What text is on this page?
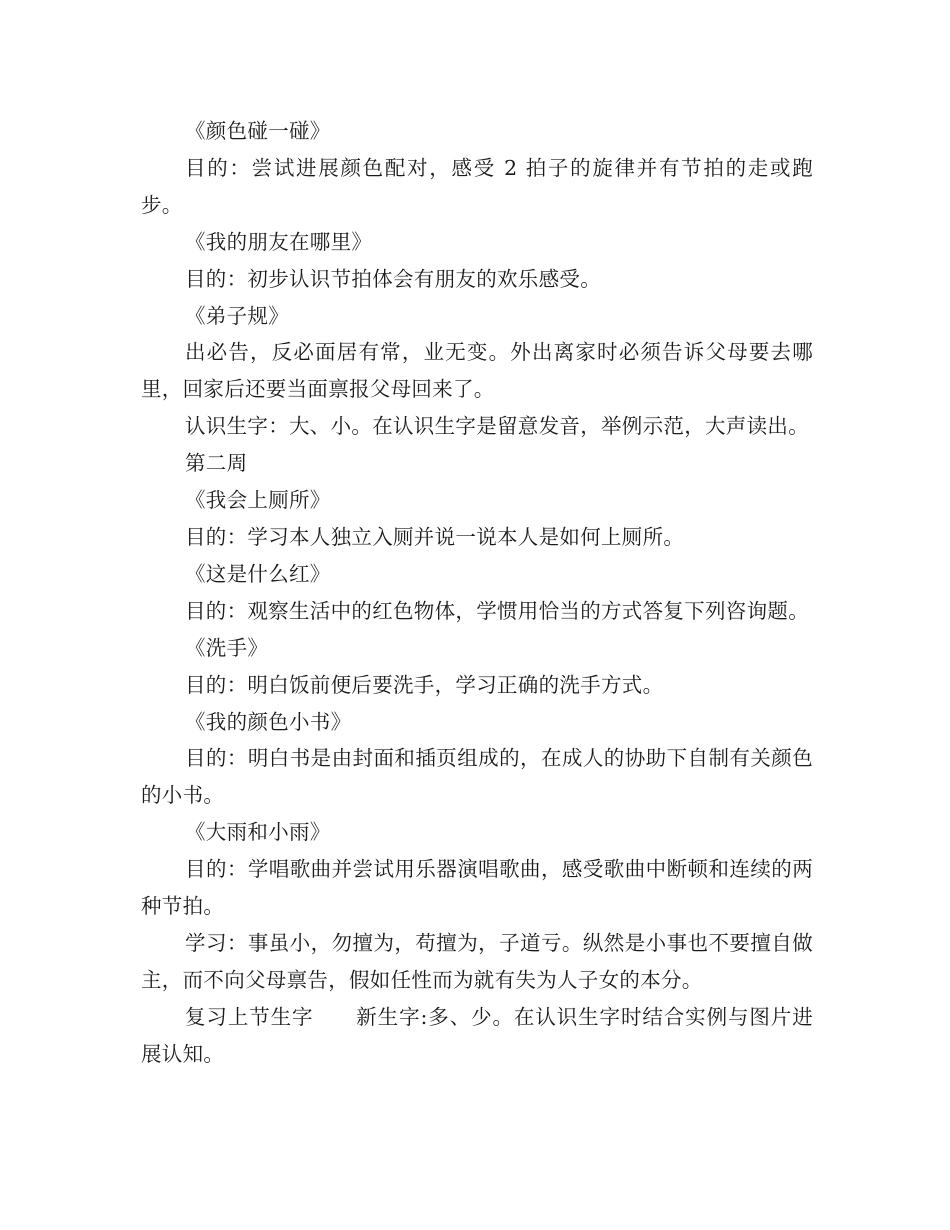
《颜色碰一碰》

目的：尝试进展颜色配对，感受 2 拍子的旋律并有节拍的走或跑步。

《我的朋友在哪里》

目的：初步认识节拍体会有朋友的欢乐感受。

《弟子规》

出必告，反必面居有常，业无变。外出离家时必须告诉父母要去哪里，回家后还要当面禀报父母回来了。

认识生字：大、小。在认识生字是留意发音，举例示范，大声读出。

第二周

《我会上厕所》

目的：学习本人独立入厕并说一说本人是如何上厕所。

《这是什么红》

目的：观察生活中的红色物体，学惯用恰当的方式答复下列咨询题。

《洗手》

目的：明白饭前便后要洗手，学习正确的洗手方式。

《我的颜色小书》

目的：明白书是由封面和插页组成的，在成人的协助下自制有关颜色的小书。

《大雨和小雨》

目的：学唱歌曲并尝试用乐器演唱歌曲，感受歌曲中断顿和连续的两种节拍。

学习：事虽小，勿擅为，苟擅为，子道亏。纵然是小事也不要擅自做主，而不向父母禀告，假如任性而为就有失为人子女的本分。

复习上节生字　　新生字:多、少。在认识生字时结合实例与图片进展认知。
